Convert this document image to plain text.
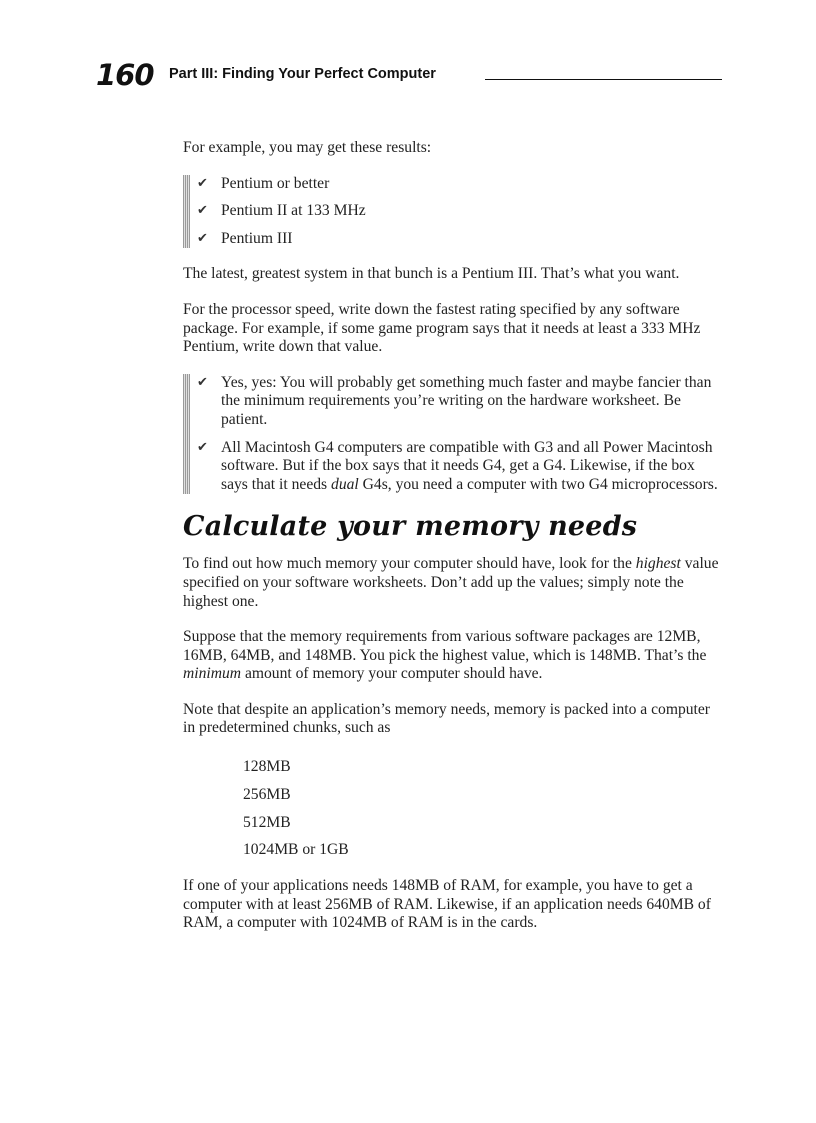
160 Part III: Finding Your Perfect Computer

For example, you may get these results:

✔ Pentium or better
✔ Pentium II at 133 MHz
✔ Pentium III

The latest, greatest system in that bunch is a Pentium III. That’s what you want.

For the processor speed, write down the fastest rating specified by any software package. For example, if some game program says that it needs at least a 333 MHz Pentium, write down that value.

✔ Yes, yes: You will probably get something much faster and maybe fancier than the minimum requirements you’re writing on the hardware worksheet. Be patient.
✔ All Macintosh G4 computers are compatible with G3 and all Power Macintosh software. But if the box says that it needs G4, get a G4. Likewise, if the box says that it needs dual G4s, you need a computer with two G4 microprocessors.
Calculate your memory needs

To find out how much memory your computer should have, look for the highest value specified on your software worksheets. Don’t add up the values; simply note the highest one.

Suppose that the memory requirements from various software packages are 12MB, 16MB, 64MB, and 148MB. You pick the highest value, which is 148MB. That’s the minimum amount of memory your computer should have.

Note that despite an application’s memory needs, memory is packed into a computer in predetermined chunks, such as

128MB
256MB
512MB
1024MB or 1GB

If one of your applications needs 148MB of RAM, for example, you have to get a computer with at least 256MB of RAM. Likewise, if an application needs 640MB of RAM, a computer with 1024MB of RAM is in the cards.
